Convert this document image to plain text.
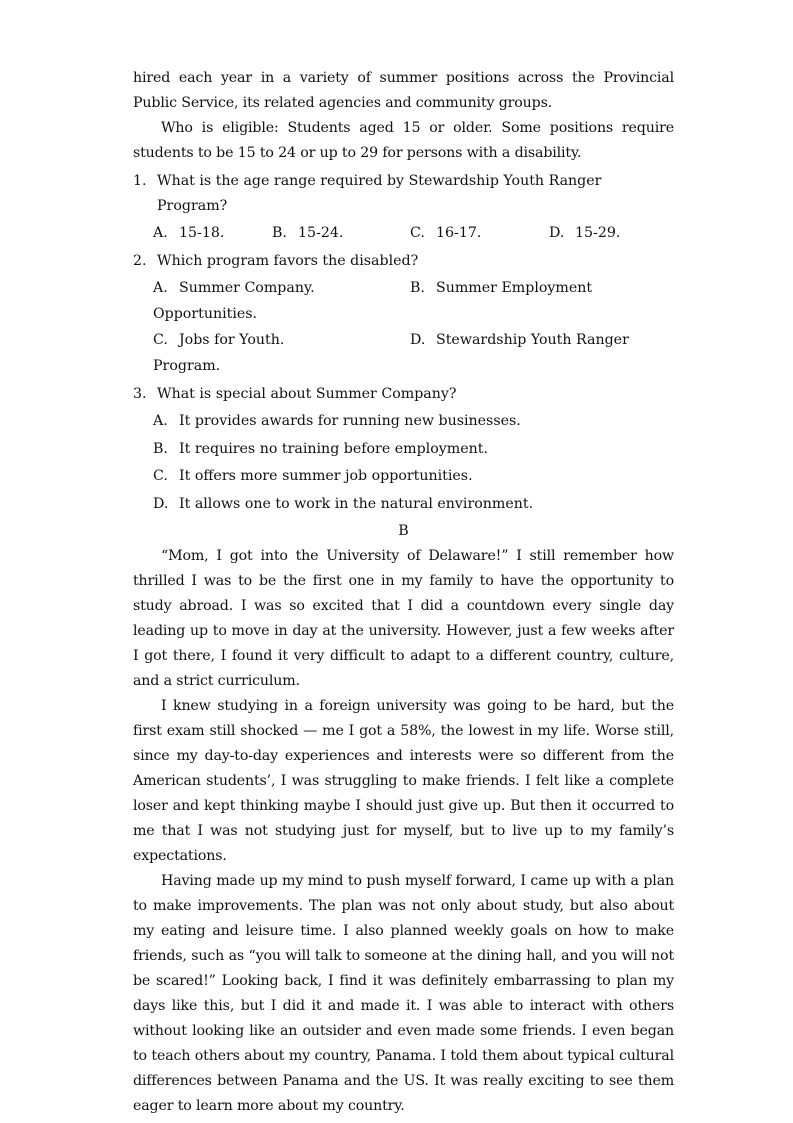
hired each year in a variety of summer positions across the Provincial Public Service, its related agencies and community groups.

Who is eligible: Students aged 15 or older. Some positions require students to be 15 to 24 or up to 29 for persons with a disability.

1. What is the age range required by Stewardship Youth Ranger Program?
A. 15-18.	B. 15-24.	C. 16-17.	D. 15-29.
2. Which program favors the disabled?
A. Summer Company.	B. Summer Employment
Opportunities.
C. Jobs for Youth.	D. Stewardship Youth Ranger
Program.
3. What is special about Summer Company?
A. It provides awards for running new businesses.
B. It requires no training before employment.
C. It offers more summer job opportunities.
D. It allows one to work in the natural environment.

B

“Mom, I got into the University of Delaware!” I still remember how thrilled I was to be the first one in my family to have the opportunity to study abroad. I was so excited that I did a countdown every single day leading up to move in day at the university. However, just a few weeks after I got there, I found it very difficult to adapt to a different country, culture, and a strict curriculum.

I knew studying in a foreign university was going to be hard, but the first exam still shocked — me I got a 58%, the lowest in my life. Worse still, since my day-to-day experiences and interests were so different from the American students’, I was struggling to make friends. I felt like a complete loser and kept thinking maybe I should just give up. But then it occurred to me that I was not studying just for myself, but to live up to my family’s expectations.

Having made up my mind to push myself forward, I came up with a plan to make improvements. The plan was not only about study, but also about my eating and leisure time. I also planned weekly goals on how to make friends, such as “you will talk to someone at the dining hall, and you will not be scared!” Looking back, I find it was definitely embarrassing to plan my days like this, but I did it and made it. I was able to interact with others without looking like an outsider and even made some friends. I even began to teach others about my country, Panama. I told them about typical cultural differences between Panama and the US. It was really exciting to see them eager to learn more about my country.
